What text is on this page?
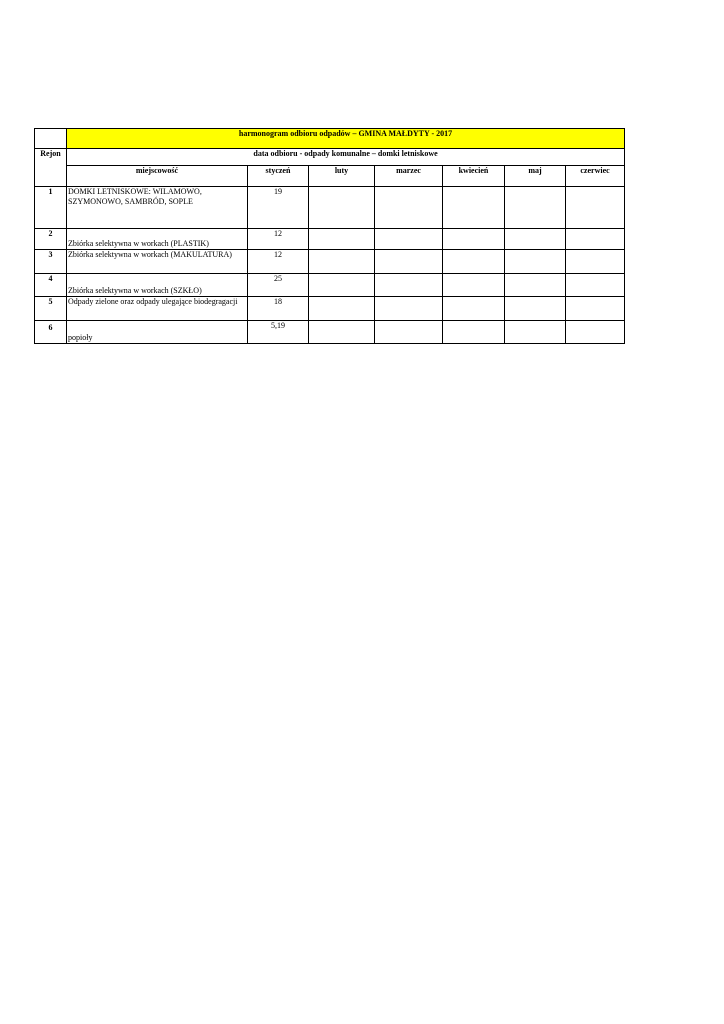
	harmonogram odbioru odpadów – GMINA MAŁDYTY - 2017						
Rejon	data odbioru - odpady komunalne – domki letniskowe						
	miejscowość	styczeń	luty	marzec	kwiecień	maj	czerwiec
1	DOMKI LETNISKOWE: WILAMOWO, SZYMONOWO, SAMBRÓD, SOPLE	19					
2	Zbiórka selektywna w workach (PLASTIK)	12					
3	Zbiórka selektywna w workach (MAKULATURA)	12					
4	Zbiórka selektywna w workach (SZKŁO)	25					
5	Odpady zielone oraz odpady ulegające biodegragacji	18					
6	popioły	5,19					
